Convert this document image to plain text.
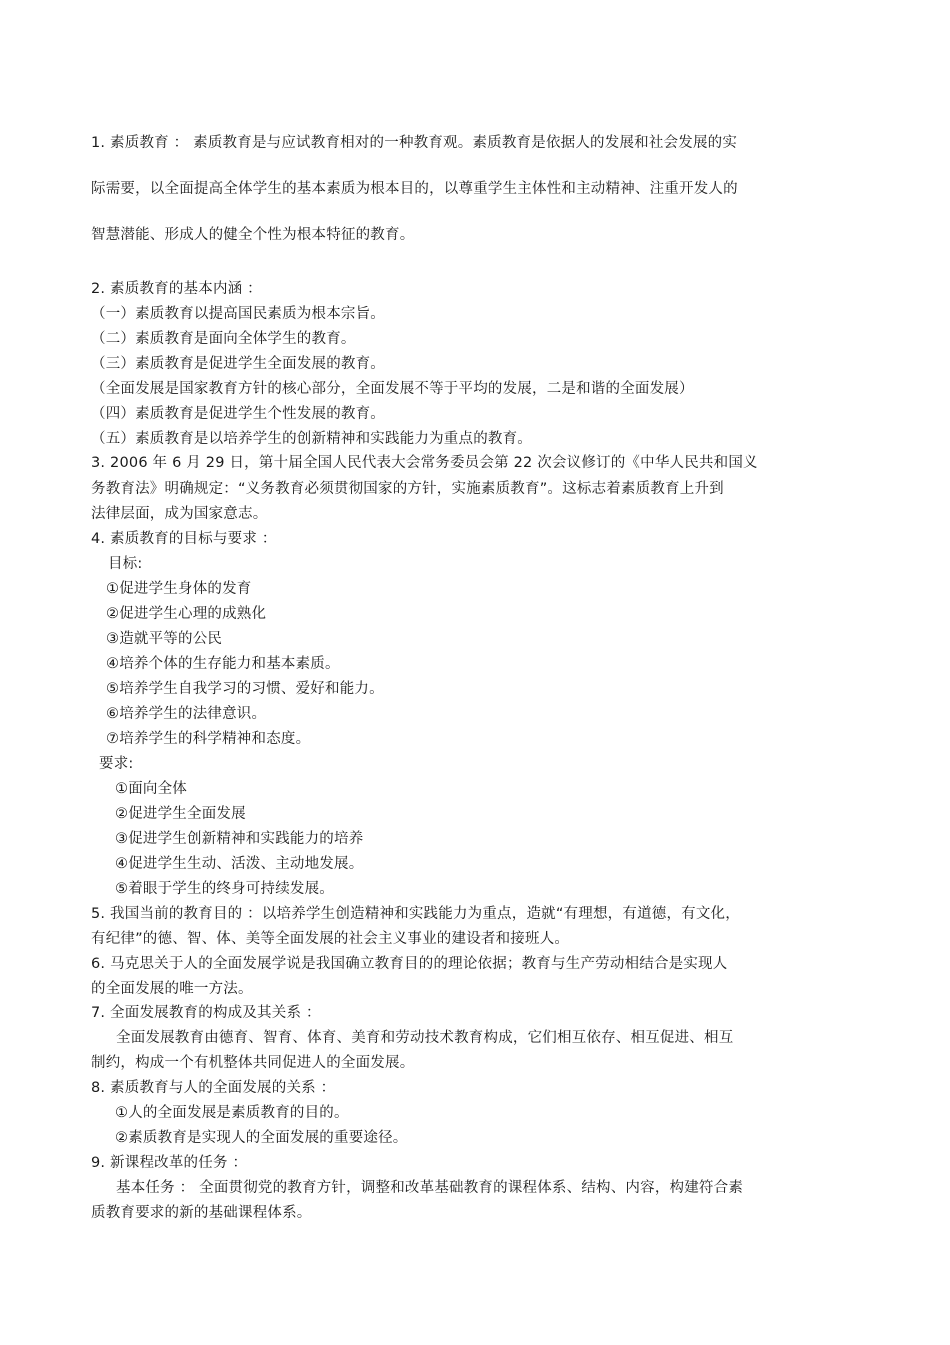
1. 素质教育 ： 素质教育是与应试教育相对的一种教育观。素质教育是依据人的发展和社会发展的实
际需要，以全面提高全体学生的基本素质为根本目的，以尊重学生主体性和主动精神、注重开发人的
智慧潜能、形成人的健全个性为根本特征的教育。
2. 素质教育的基本内涵 ：
（一）素质教育以提高国民素质为根本宗旨。
（二）素质教育是面向全体学生的教育。
（三）素质教育是促进学生全面发展的教育。
（全面发展是国家教育方针的核心部分，全面发展不等于平均的发展，二是和谐的全面发展）
（四）素质教育是促进学生个性发展的教育。
（五）素质教育是以培养学生的创新精神和实践能力为重点的教育。
3. 2006 年 6 月 29 日，第十届全国人民代表大会常务委员会第 22 次会议修订的《中华人民共和国义
务教育法》明确规定：“义务教育必须贯彻国家的方针，实施素质教育”。这标志着素质教育上升到
法律层面，成为国家意志。
4. 素质教育的目标与要求 ：
目标:
①促进学生身体的发育
②促进学生心理的成熟化
③造就平等的公民
④培养个体的生存能力和基本素质。
⑤培养学生自我学习的习惯、爱好和能力。
⑥培养学生的法律意识。
⑦培养学生的科学精神和态度。
要求:
①面向全体
②促进学生全面发展
③促进学生创新精神和实践能力的培养
④促进学生生动、活泼、主动地发展。
⑤着眼于学生的终身可持续发展。
5. 我国当前的教育目的 ：以培养学生创造精神和实践能力为重点，造就“有理想，有道德，有文化，
有纪律”的德、智、体、美等全面发展的社会主义事业的建设者和接班人。
6. 马克思关于人的全面发展学说是我国确立教育目的的理论依据；教育与生产劳动相结合是实现人
的全面发展的唯一方法。
7. 全面发展教育的构成及其关系 ：
全面发展教育由德育、智育、体育、美育和劳动技术教育构成，它们相互依存、相互促进、相互
制约，构成一个有机整体共同促进人的全面发展。
8. 素质教育与人的全面发展的关系 ：
①人的全面发展是素质教育的目的。
②素质教育是实现人的全面发展的重要途径。
9. 新课程改革的任务 ：
基本任务 ： 全面贯彻党的教育方针，调整和改革基础教育的课程体系、结构、内容，构建符合素
质教育要求的新的基础课程体系。
